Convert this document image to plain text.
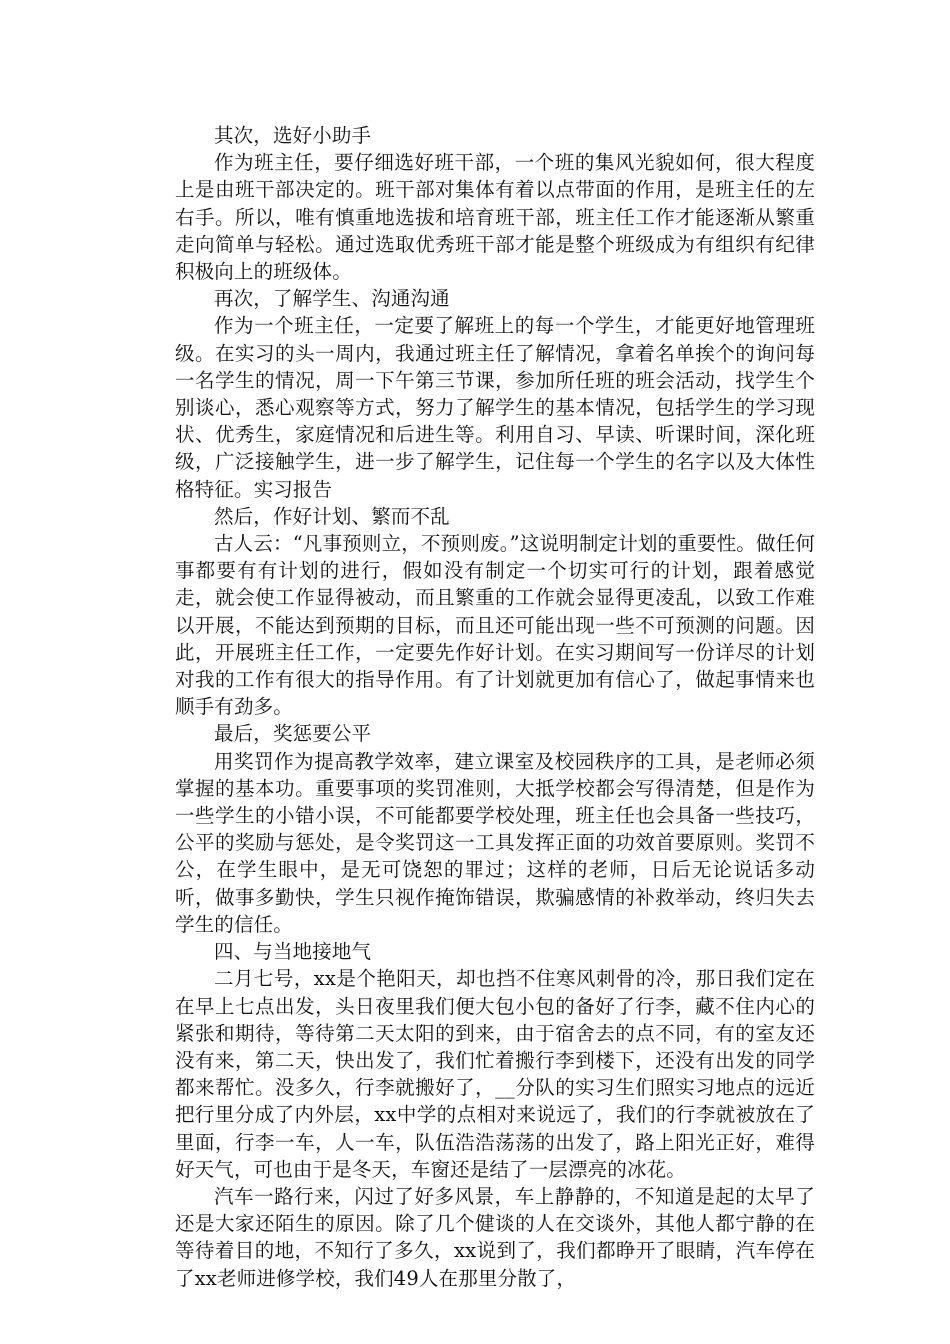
其次，选好小助手

作为班主任，要仔细选好班干部，一个班的集风光貌如何，很大程度上是由班干部决定的。班干部对集体有着以点带面的作用，是班主任的左右手。所以，唯有慎重地选拔和培育班干部，班主任工作才能逐渐从繁重走向简单与轻松。通过选取优秀班干部才能是整个班级成为有组织有纪律积极向上的班级体。

再次，了解学生、沟通沟通

作为一个班主任，一定要了解班上的每一个学生，才能更好地管理班级。在实习的头一周内，我通过班主任了解情况，拿着名单挨个的询问每一名学生的情况，周一下午第三节课，参加所任班的班会活动，找学生个别谈心，悉心观察等方式，努力了解学生的基本情况，包括学生的学习现状、优秀生，家庭情况和后进生等。利用自习、早读、听课时间，深化班级，广泛接触学生，进一步了解学生，记住每一个学生的名字以及大体性格特征。实习报告

然后，作好计划、繁而不乱

古人云：“凡事预则立，不预则废。”这说明制定计划的重要性。做任何事都要有有计划的进行，假如没有制定一个切实可行的计划，跟着感觉走，就会使工作显得被动，而且繁重的工作就会显得更凌乱，以致工作难以开展，不能达到预期的目标，而且还可能出现一些不可预测的问题。因此，开展班主任工作，一定要先作好计划。在实习期间写一份详尽的计划对我的工作有很大的指导作用。有了计划就更加有信心了，做起事情来也顺手有劲多。

最后，奖惩要公平

用奖罚作为提高教学效率，建立课室及校园秩序的工具，是老师必须掌握的基本功。重要事项的奖罚准则，大抵学校都会写得清楚，但是作为一些学生的小错小误，不可能都要学校处理，班主任也会具备一些技巧，公平的奖励与惩处，是令奖罚这一工具发挥正面的功效首要原则。奖罚不公，在学生眼中，是无可饶恕的罪过；这样的老师，日后无论说话多动听，做事多勤快，学生只视作掩饰错误，欺骗感情的补救举动，终归失去学生的信任。

四、与当地接地气

二月七号，xx是个艳阳天，却也挡不住寒风刺骨的冷，那日我们定在在早上七点出发，头日夜里我们便大包小包的备好了行李，藏不住内心的紧张和期待，等待第二天太阳的到来，由于宿舍去的点不同，有的室友还没有来，第二天，快出发了，我们忙着搬行李到楼下，还没有出发的同学都来帮忙。没多久，行李就搬好了，__分队的实习生们照实习地点的远近把行里分成了内外层，xx中学的点相对来说远了，我们的行李就被放在了里面，行李一车，人一车，队伍浩浩荡荡的出发了，路上阳光正好，难得好天气，可也由于是冬天，车窗还是结了一层漂亮的冰花。

汽车一路行来，闪过了好多风景，车上静静的，不知道是起的太早了还是大家还陌生的原因。除了几个健谈的人在交谈外，其他人都宁静的在等待着目的地，不知行了多久，xx说到了，我们都睁开了眼睛，汽车停在了xx老师进修学校，我们49人在那里分散了，
